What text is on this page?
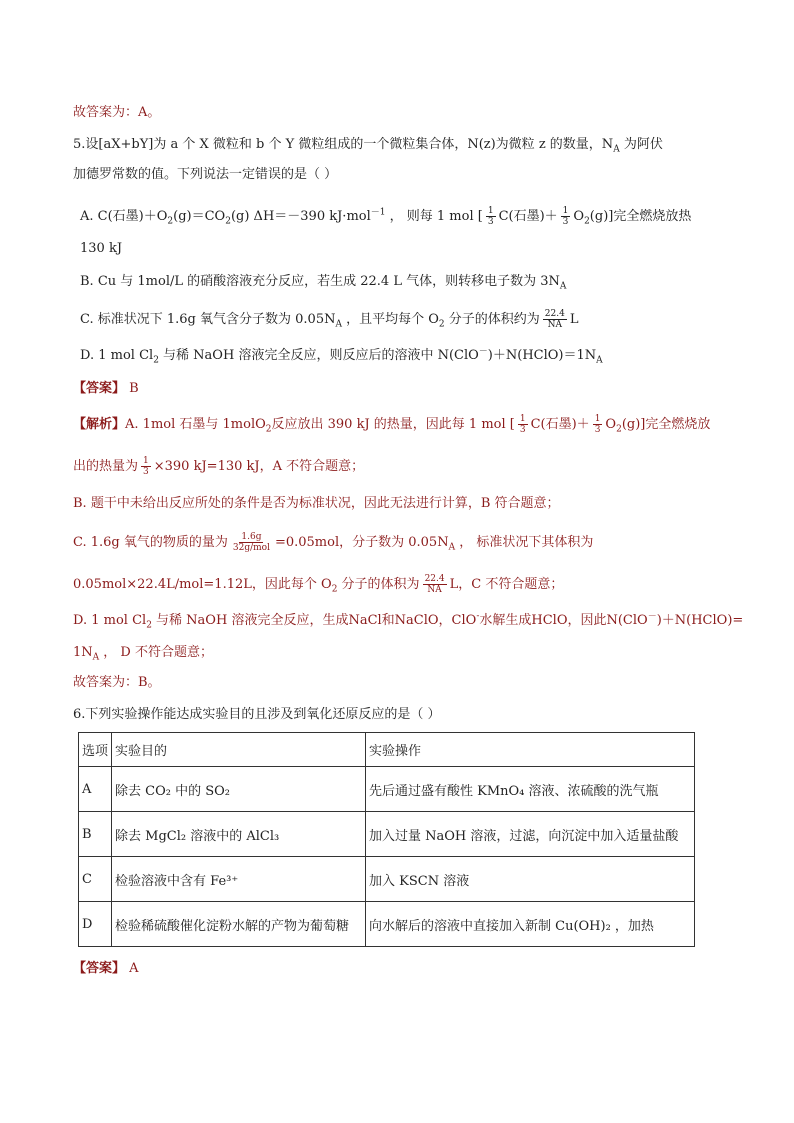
故答案为：A。
5.设[aX+bY]为 a 个 X 微粒和 b 个 Y 微粒组成的一个微粒集合体，N(z)为微粒 z 的数量，$N_A$ 为阿伏
加德罗常数的值。下列说法一定错误的是（ ）
A. C(石墨)$+O_2(g)=CO_2(g)$ ΔH＝－390 kJ·mol$^{-1}$ ， 则每 1 mol [ $\frac{1}{3} C$(石墨)＋ $\frac{1}{3} O_2(g)$]完全燃烧放热
130 kJ
B. Cu 与 1mol/L 的硝酸溶液充分反应，若生成 22.4 L 气体，则转移电子数为 $3N_A$
C. 标准状况下 1.6g 氧气含分子数为 $0.05N_A$ ，且平均每个 $O_2$ 分子的体积约为 $\frac{22.4}{NA}$ L
D. 1 mol $Cl_2$ 与稀 NaOH 溶液完全反应，则反应后的溶液中 $N(ClO^-)+N(HClO)=1N_A$
【答案】 B
【解析】A. 1mol 石墨与 1molO$_2$反应放出 390 kJ 的热量，因此每 1 mol [ $\frac{1}{3} C$(石墨)＋ $\frac{1}{3} O_2(g)$]完全燃烧放
出的热量为 $\frac{1}{3} \times 390$ kJ=130 kJ，A 不符合题意；
B. 题干中未给出反应所处的条件是否为标准状况，因此无法进行计算，B 符合题意；
C. 1.6g 氧气的物质的量为 $\frac{1.6g}{\text{32g/mol}} =0.05mol$，分子数为 $0.05N_A$ ， 标准状况下其体积为
0.05mol×22.4L/mol=1.12L，因此每个 $O_2$ 分子的体积为 $\frac{22.4}{NA}$ L，C 不符合题意；
D. 1 mol $Cl_2$ 与稀 NaOH 溶液完全反应，生成NaCl和NaClO，ClO-水解生成HClO，因此N(ClO－)＋N(HClO)=
$1N_A$ ， D 不符合题意；
故答案为：B。
6.下列实验操作能达成实验目的且涉及到氧化还原反应的是（ ）
选项	实验目的	实验操作
A	除去 CO₂ 中的 SO₂	先后通过盛有酸性 KMnO₄ 溶液、浓硫酸的洗气瓶
B	除去 MgCl₂ 溶液中的 AlCl₃	加入过量 NaOH 溶液，过滤，向沉淀中加入适量盐酸
C	检验溶液中含有 Fe³⁺	加入 KSCN 溶液
D	检验稀硫酸催化淀粉水解的产物为葡萄糖	向水解后的溶液中直接加入新制 Cu(OH)₂ ，加热
【答案】 A
